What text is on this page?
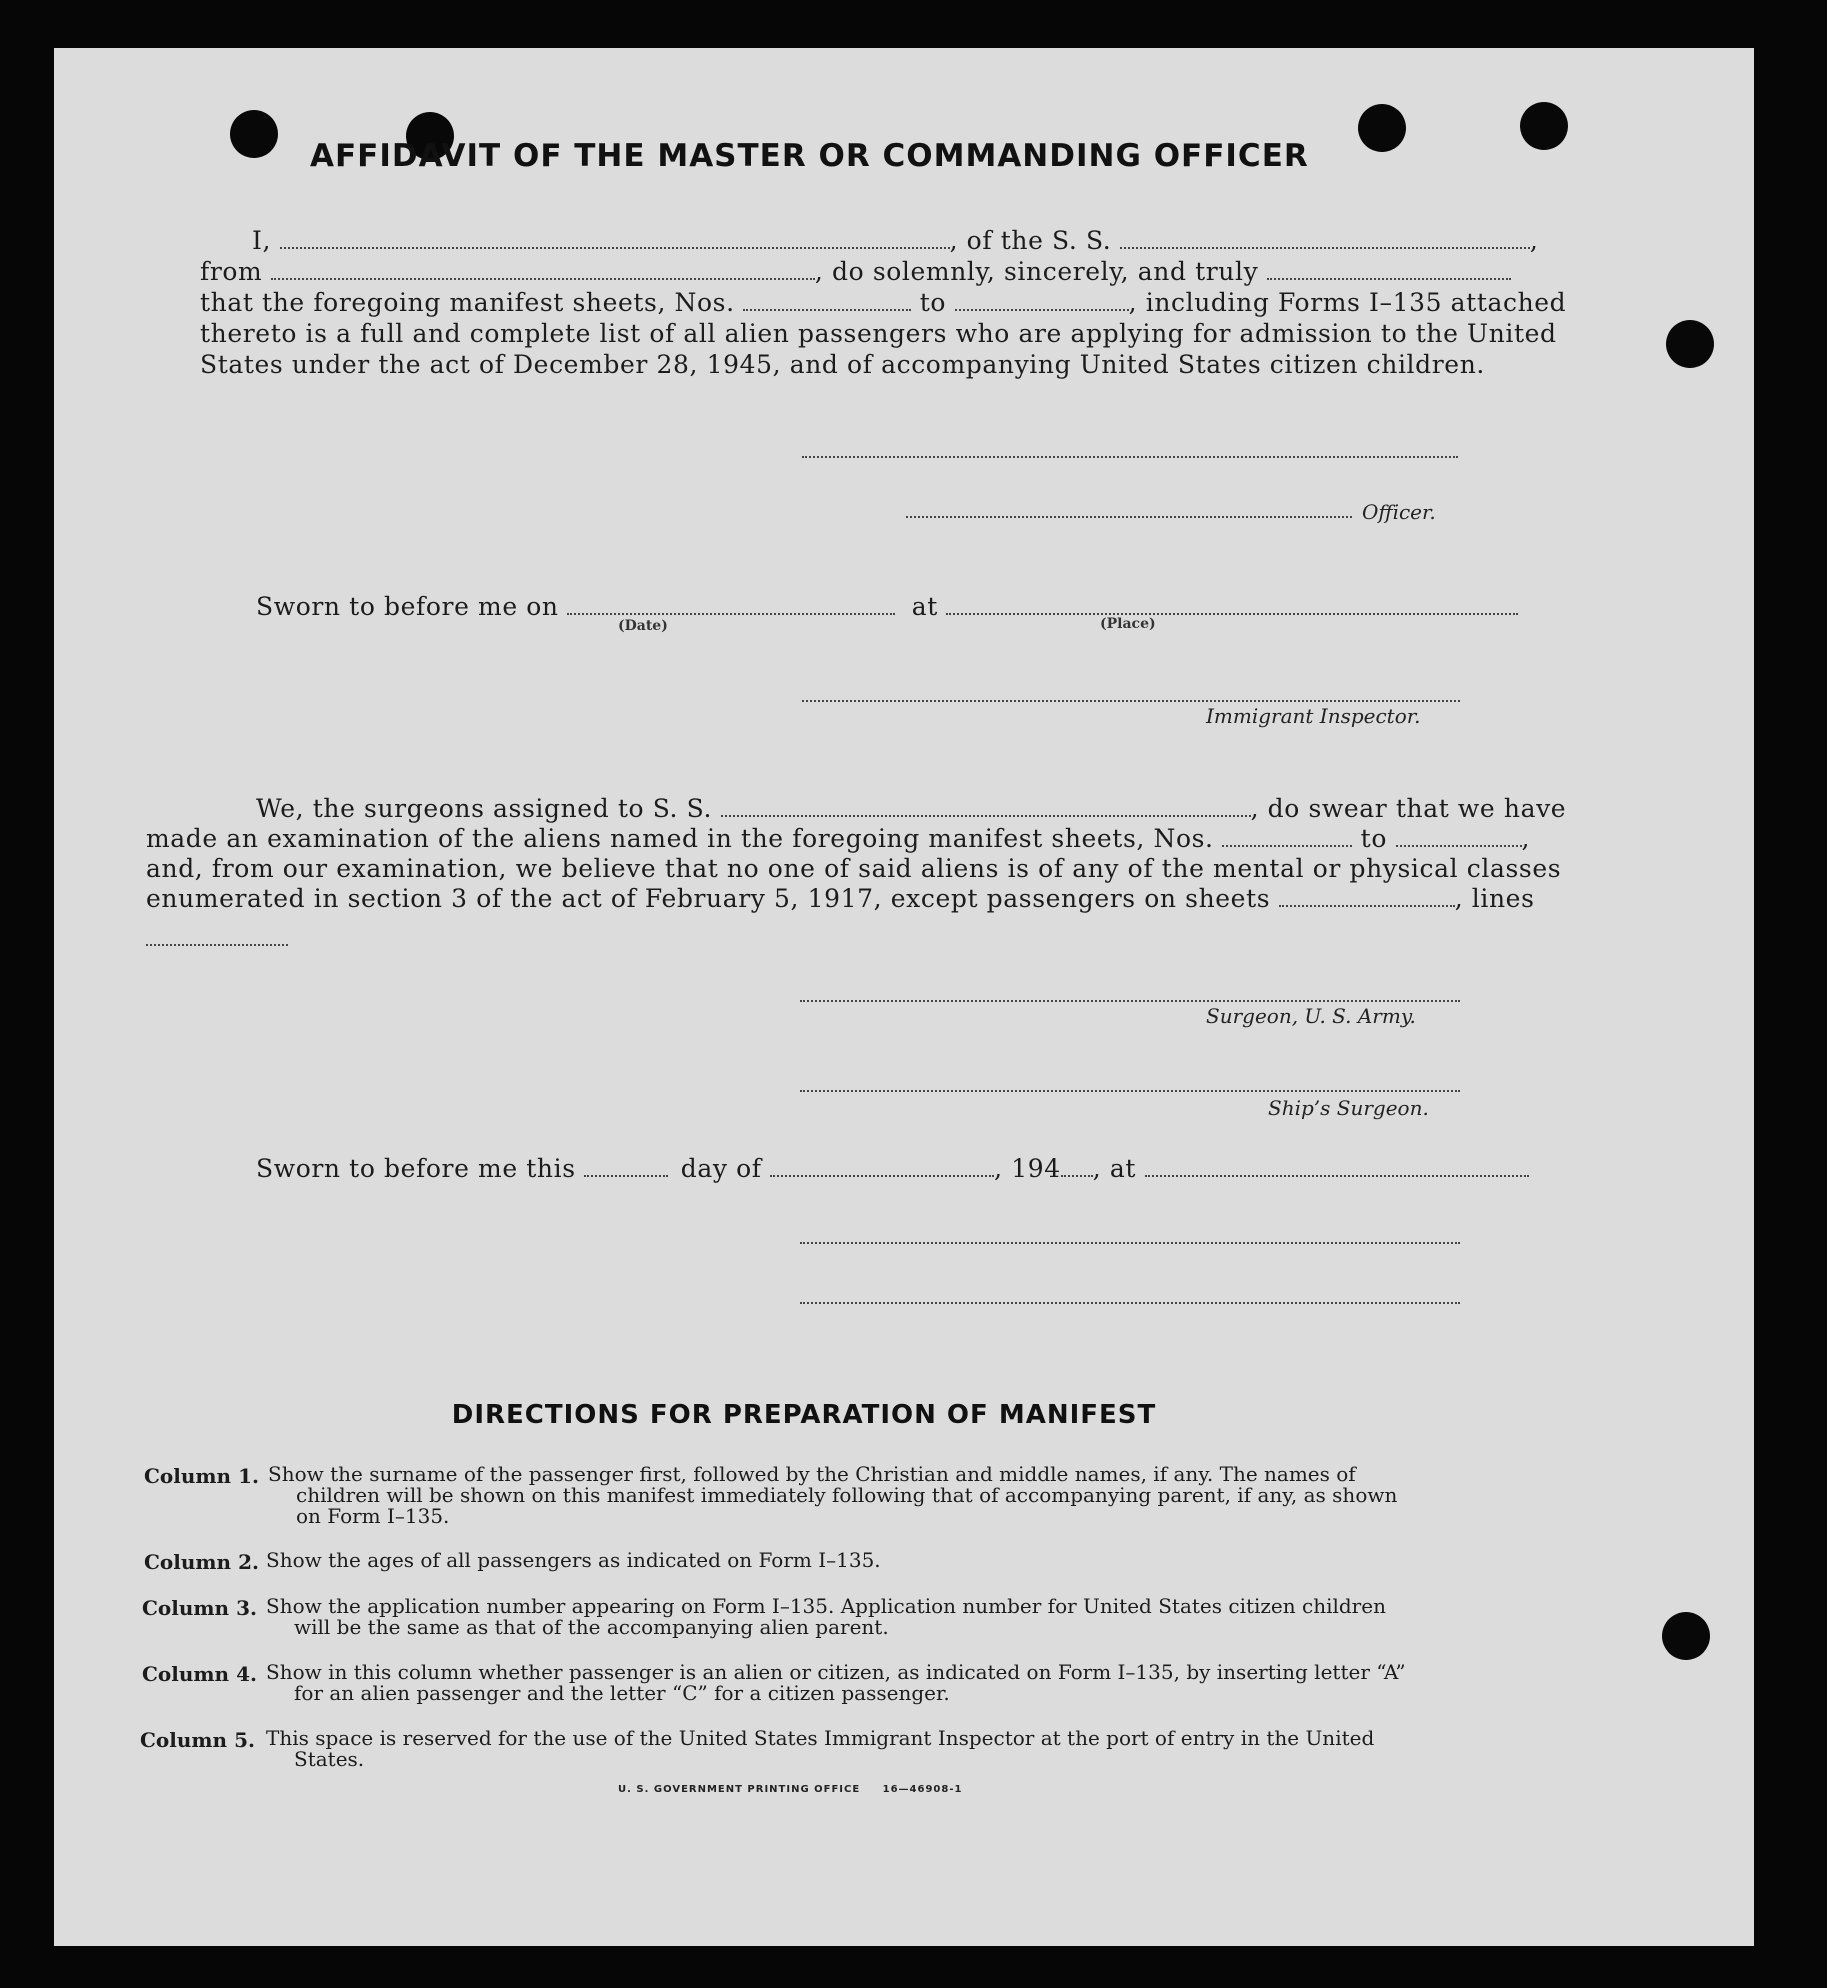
AFFIDAVIT OF THE MASTER OR COMMANDING OFFICER
I,	, of the S. S.	,
from	, do solemnly, sincerely, and truly
that the foregoing manifest sheets, Nos.	to	, including Forms I–135 attached
thereto is a full and complete list of all alien passengers who are applying for admission to the United
States under the act of December 28, 1945, and of accompanying United States citizen children.
Officer.
Sworn to before me on	at
(Date)	(Place)
Immigrant Inspector.
We, the surgeons assigned to S. S.	, do swear that we have
made an examination of the aliens named in the foregoing manifest sheets, Nos.	to	,
and, from our examination, we believe that no one of said aliens is of any of the mental or physical classes
enumerated in section 3 of the act of February 5, 1917, except passengers on sheets	, lines
Surgeon, U. S. Army.
Ship’s Surgeon.
Sworn to before me this	day of	, 194 , at
DIRECTIONS FOR PREPARATION OF MANIFEST
Column 1. Show the surname of the passenger first, followed by the Christian and middle names, if any. The names of
children will be shown on this manifest immediately following that of accompanying parent, if any, as shown
on Form I–135.
Column 2. Show the ages of all passengers as indicated on Form I–135.
Column 3. Show the application number appearing on Form I–135. Application number for United States citizen children
will be the same as that of the accompanying alien parent.
Column 4. Show in this column whether passenger is an alien or citizen, as indicated on Form I–135, by inserting letter “A”
for an alien passenger and the letter “C” for a citizen passenger.
Column 5. This space is reserved for the use of the United States Immigrant Inspector at the port of entry in the United
States.
U. S. GOVERNMENT PRINTING OFFICE 16—46908-1
